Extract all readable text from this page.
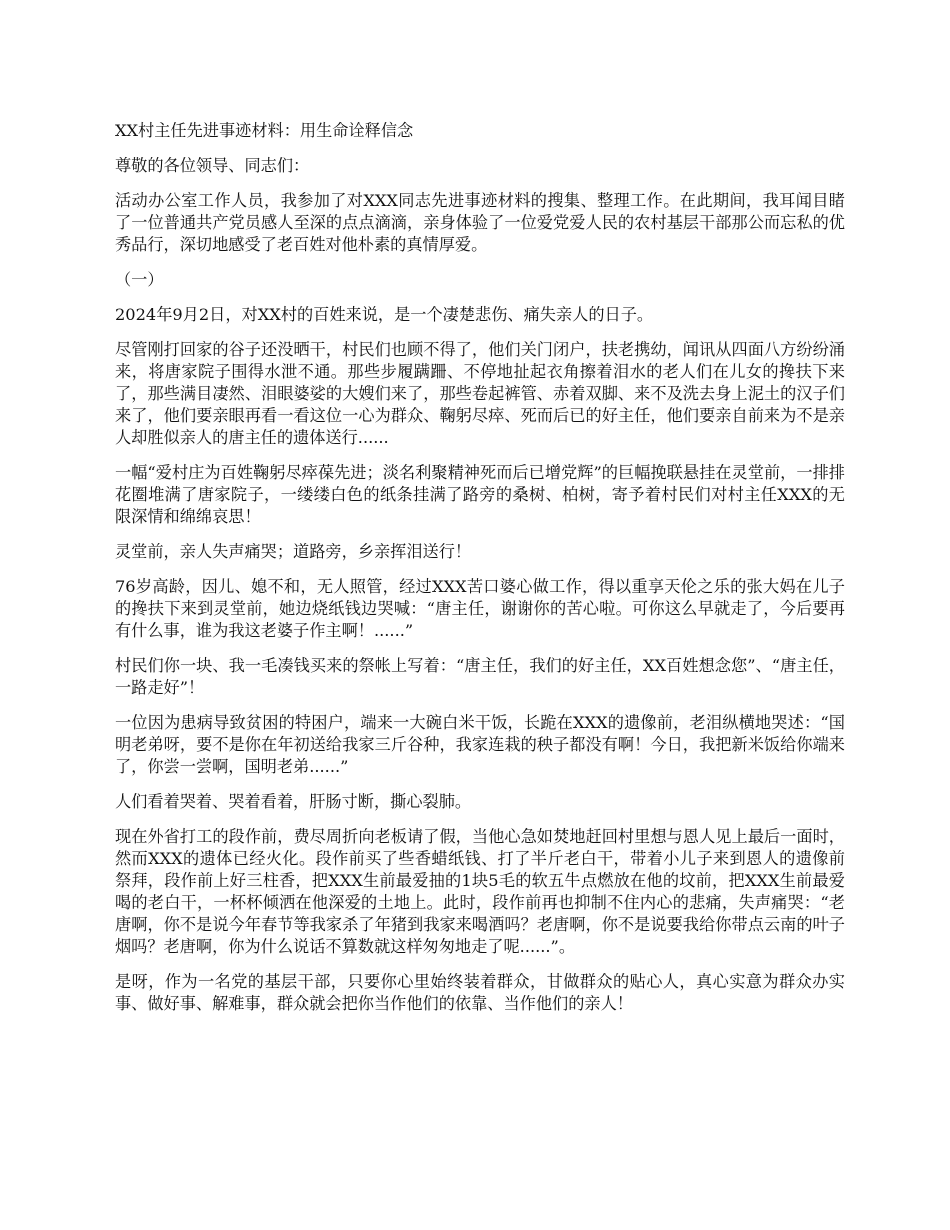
XX村主任先进事迹材料：用生命诠释信念

尊敬的各位领导、同志们：

活动办公室工作人员，我参加了对XXX同志先进事迹材料的搜集、整理工作。在此期间，我耳闻目睹了一位普通共产党员感人至深的点点滴滴，亲身体验了一位爱党爱人民的农村基层干部那公而忘私的优秀品行，深切地感受了老百姓对他朴素的真情厚爱。

（一）

2024年9月2日，对XX村的百姓来说，是一个凄楚悲伤、痛失亲人的日子。

尽管刚打回家的谷子还没晒干，村民们也顾不得了，他们关门闭户，扶老携幼，闻讯从四面八方纷纷涌来，将唐家院子围得水泄不通。那些步履蹒跚、不停地扯起衣角擦着泪水的老人们在儿女的搀扶下来了，那些满目凄然、泪眼婆娑的大嫂们来了，那些卷起裤管、赤着双脚、来不及洗去身上泥土的汉子们来了，他们要亲眼再看一看这位一心为群众、鞠躬尽瘁、死而后已的好主任，他们要亲自前来为不是亲人却胜似亲人的唐主任的遗体送行......

一幅“爱村庄为百姓鞠躬尽瘁葆先进；淡名利聚精神死而后已增党辉”的巨幅挽联悬挂在灵堂前，一排排花圈堆满了唐家院子，一缕缕白色的纸条挂满了路旁的桑树、柏树，寄予着村民们对村主任XXX的无限深情和绵绵哀思！

灵堂前，亲人失声痛哭；道路旁，乡亲挥泪送行！

76岁高龄，因儿、媳不和，无人照管，经过XXX苦口婆心做工作，得以重享天伦之乐的张大妈在儿子的搀扶下来到灵堂前，她边烧纸钱边哭喊：“唐主任，谢谢你的苦心啦。可你这么早就走了，今后要再有什么事，谁为我这老婆子作主啊！......”

村民们你一块、我一毛凑钱买来的祭帐上写着：“唐主任，我们的好主任，XX百姓想念您”、“唐主任，一路走好”！

一位因为患病导致贫困的特困户，端来一大碗白米干饭，长跪在XXX的遗像前，老泪纵横地哭述：“国明老弟呀，要不是你在年初送给我家三斤谷种，我家连栽的秧子都没有啊！今日，我把新米饭给你端来了，你尝一尝啊，国明老弟......”

人们看着哭着、哭着看着，肝肠寸断，撕心裂肺。

现在外省打工的段作前，费尽周折向老板请了假，当他心急如焚地赶回村里想与恩人见上最后一面时，然而XXX的遗体已经火化。段作前买了些香蜡纸钱、打了半斤老白干，带着小儿子来到恩人的遗像前祭拜，段作前上好三柱香，把XXX生前最爱抽的1块5毛的软五牛点燃放在他的坟前，把XXX生前最爱喝的老白干，一杯杯倾洒在他深爱的土地上。此时，段作前再也抑制不住内心的悲痛，失声痛哭：“老唐啊，你不是说今年春节等我家杀了年猪到我家来喝酒吗？老唐啊，你不是说要我给你带点云南的叶子烟吗？老唐啊，你为什么说话不算数就这样匆匆地走了呢......”。

是呀，作为一名党的基层干部，只要你心里始终装着群众，甘做群众的贴心人，真心实意为群众办实事、做好事、解难事，群众就会把你当作他们的依靠、当作他们的亲人！
